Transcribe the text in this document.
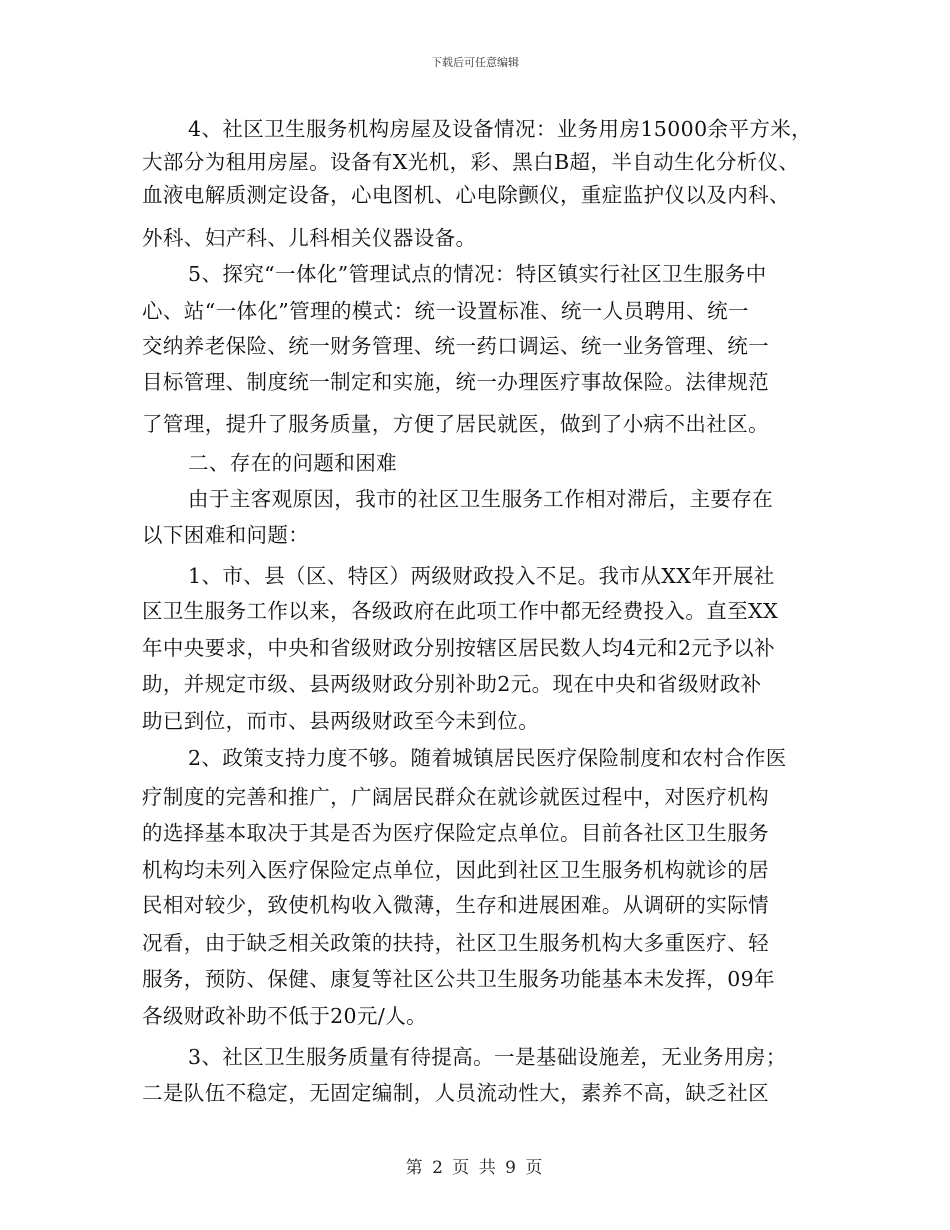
下载后可任意编辑
4、社区卫生服务机构房屋及设备情况：业务用房15000余平方米，
大部分为租用房屋。设备有X光机，彩、黑白B超，半自动生化分析仪、
血液电解质测定设备，心电图机、心电除颤仪，重症监护仪以及内科、
外科、妇产科、儿科相关仪器设备。
5、探究“一体化”管理试点的情况：特区镇实行社区卫生服务中
心、站“一体化”管理的模式：统一设置标准、统一人员聘用、统一
交纳养老保险、统一财务管理、统一药口调运、统一业务管理、统一
目标管理、制度统一制定和实施，统一办理医疗事故保险。法律规范
了管理，提升了服务质量，方便了居民就医，做到了小病不出社区。
二、存在的问题和困难
由于主客观原因，我市的社区卫生服务工作相对滞后，主要存在
以下困难和问题：
1、市、县（区、特区）两级财政投入不足。我市从XX年开展社
区卫生服务工作以来，各级政府在此项工作中都无经费投入。直至XX
年中央要求，中央和省级财政分别按辖区居民数人均4元和2元予以补
助，并规定市级、县两级财政分别补助2元。现在中央和省级财政补
助已到位，而市、县两级财政至今未到位。
2、政策支持力度不够。随着城镇居民医疗保险制度和农村合作医
疗制度的完善和推广，广阔居民群众在就诊就医过程中，对医疗机构
的选择基本取决于其是否为医疗保险定点单位。目前各社区卫生服务
机构均未列入医疗保险定点单位，因此到社区卫生服务机构就诊的居
民相对较少，致使机构收入微薄，生存和进展困难。从调研的实际情
况看，由于缺乏相关政策的扶持，社区卫生服务机构大多重医疗、轻
服务，预防、保健、康复等社区公共卫生服务功能基本未发挥，09年
各级财政补助不低于20元/人。
3、社区卫生服务质量有待提高。一是基础设施差，无业务用房；
二是队伍不稳定，无固定编制，人员流动性大，素养不高，缺乏社区
第 2 页 共 9 页
